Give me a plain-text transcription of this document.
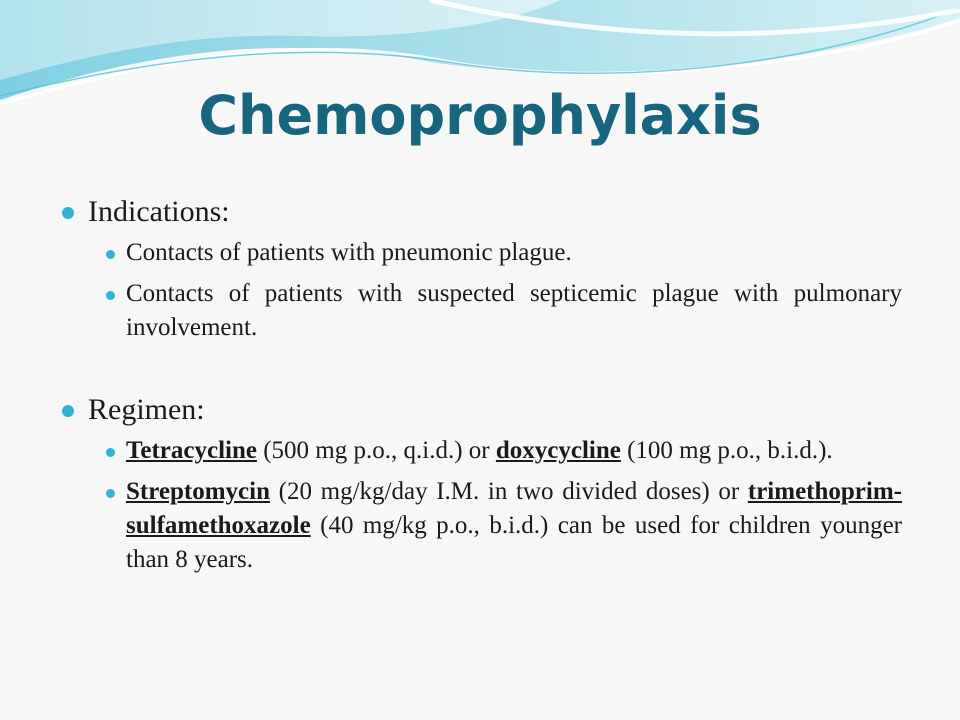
Chemoprophylaxis
Indications:
Contacts of patients with pneumonic plague.
Contacts of patients with suspected septicemic plague with pulmonary involvement.
Regimen:
Tetracycline (500 mg p.o., q.i.d.) or doxycycline (100 mg p.o., b.i.d.).
Streptomycin (20 mg/kg/day I.M. in two divided doses) or trimethoprim-sulfamethoxazole (40 mg/kg p.o., b.i.d.) can be used for children younger than 8 years.
